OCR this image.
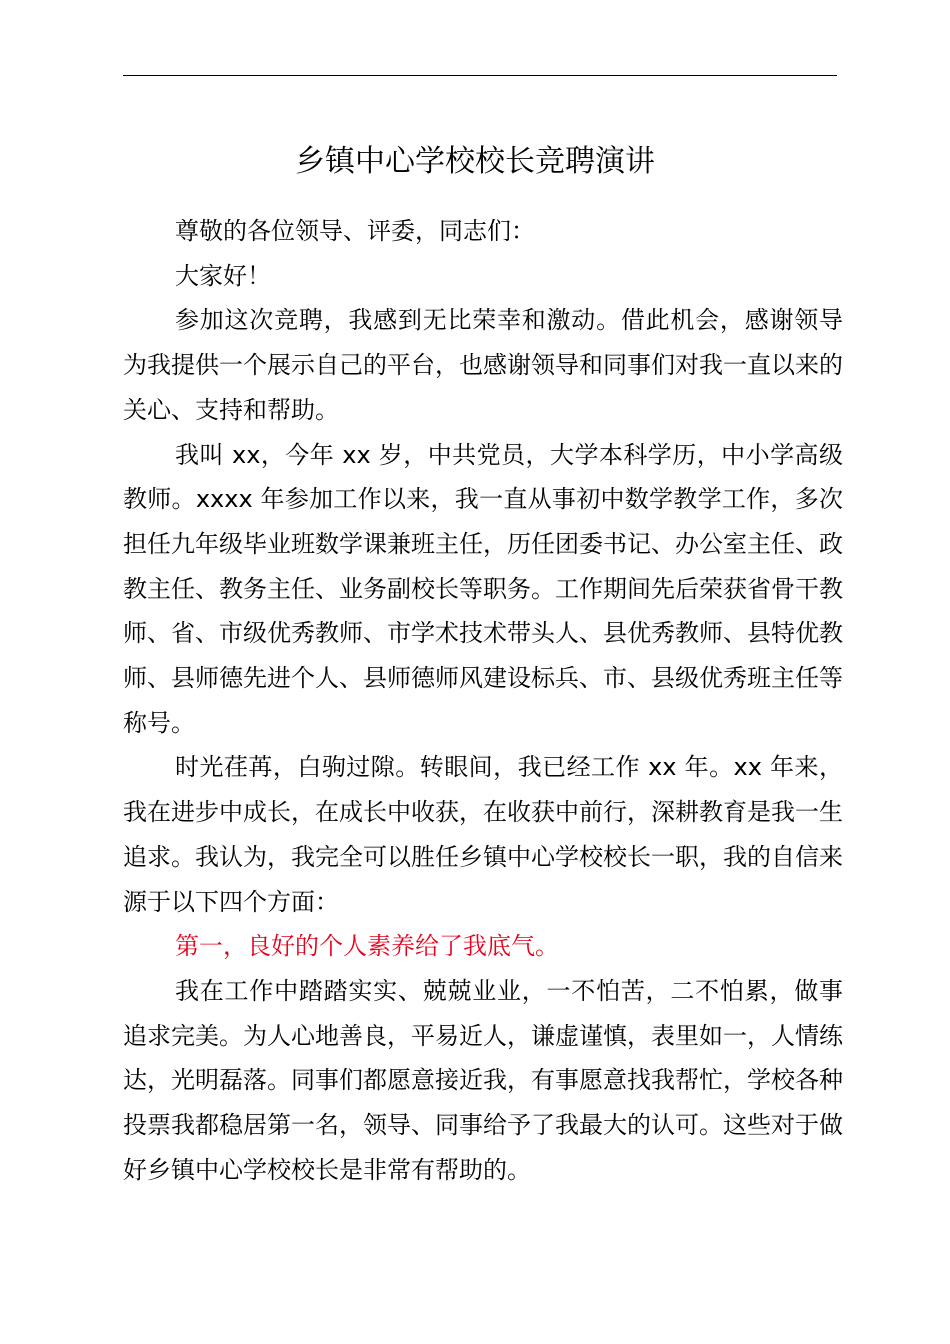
乡镇中心学校校长竞聘演讲

尊敬的各位领导、评委，同志们：

大家好！

参加这次竞聘，我感到无比荣幸和激动。借此机会，感谢领导为我提供一个展示自己的平台，也感谢领导和同事们对我一直以来的关心、支持和帮助。

我叫 xx，今年 xx 岁，中共党员，大学本科学历，中小学高级教师。xxxx 年参加工作以来，我一直从事初中数学教学工作，多次担任九年级毕业班数学课兼班主任，历任团委书记、办公室主任、政教主任、教务主任、业务副校长等职务。工作期间先后荣获省骨干教师、省、市级优秀教师、市学术技术带头人、县优秀教师、县特优教师、县师德先进个人、县师德师风建设标兵、市、县级优秀班主任等称号。

时光荏苒，白驹过隙。转眼间，我已经工作 xx 年。xx 年来，我在进步中成长，在成长中收获，在收获中前行，深耕教育是我一生追求。我认为，我完全可以胜任乡镇中心学校校长一职，我的自信来源于以下四个方面：

第一，良好的个人素养给了我底气。

我在工作中踏踏实实、兢兢业业，一不怕苦，二不怕累，做事追求完美。为人心地善良，平易近人，谦虚谨慎，表里如一，人情练达，光明磊落。同事们都愿意接近我，有事愿意找我帮忙，学校各种投票我都稳居第一名，领导、同事给予了我最大的认可。这些对于做好乡镇中心学校校长是非常有帮助的。
